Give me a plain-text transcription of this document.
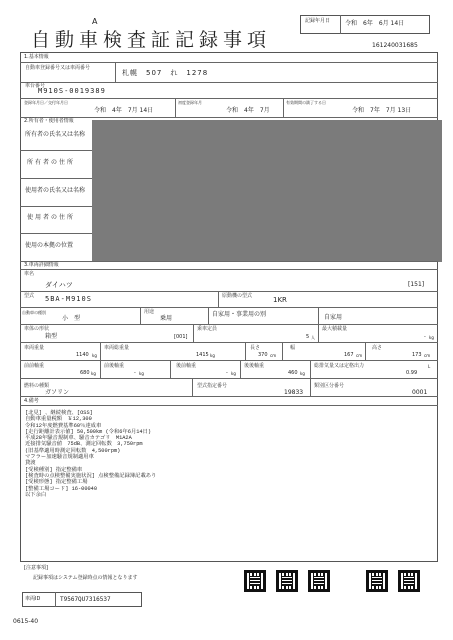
A	記録年月日 令和　6年　6月 14日
自動車検査証記録事項	161240031685
1.基本情報
自動車登録番号又は車両番号
札幌　507　れ　1278
車台番号
M910S-0019389
登録年月日／交付年月日
令和　4年　7月 14日
初度登録年月
令和　4年　7月
有効期間の満了する日
令和　7年　7月 13日
2.所有者・使用者情報
所有者の氏名又は名称
所有者の住所
使用者の氏名又は名称
使用者の住所
使用の本拠の位置
3.車両詳細情報
車名
ダイハツ	[151]
型式 5BA-M910S	原動機の型式	1KR
自動車の種別
小　型
用途
乗用
自家用・事業用の別	自家用
車体の形状
箱型	[001]
乗車定員
5 人
最大積載量
- kg
車両重量
1140 kg
車両総重量
1415 kg
長さ
370 cm
幅
167 cm
高さ
173 cm
前前軸重
680 kg
前後軸重
- kg
後前軸重
- kg
後後軸重
460 kg
総排気量又は定格出力
0.99
L
燃料の種類
ガソリン
型式指定番号
19833
類別区分番号
0001
4.備考
[北見] 、継続検査、[OSS]
自動車重量税額　￥12,300
令和12年度燃費基準60％達成車
[走行距離計表示値] 50,500km (令和6年6月14日)
平成28年騒音規制車、騒音カテゴリ　M1A2A
近接排気騒音値　75dB、測定回転数　3,750rpm
(旧基準適用時測定回転数　4,500rpm)
マフラー加速騒音規制適用車
貸渡
[受検種別] 指定整備車
[検査時の点検整備実施状況] 点検整備記録簿記載あり
[受検形態] 指定整備工場
[整備工場コード] 16-00040
以下余白
[注意事項]
記録事項はシステム登録時点の情報となります
車両ID	T9567QU7316537
0615-40
